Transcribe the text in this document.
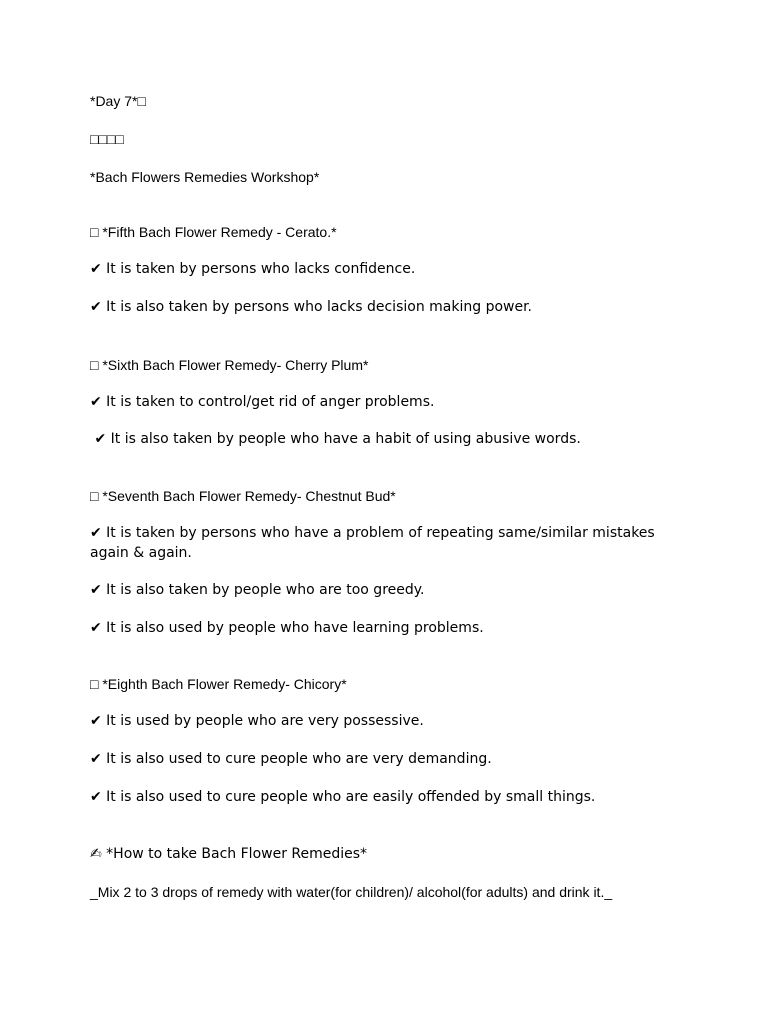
*Day 7*□
□□□□
*Bach Flowers Remedies Workshop*
□ *Fifth Bach Flower Remedy - Cerato.*
✔ It is taken by persons who lacks confidence.
✔ It is also taken by persons who lacks decision making power.
□ *Sixth Bach Flower Remedy- Cherry Plum*
✔ It is taken to control/get rid of anger problems.
✔ It is also taken by people who have a habit of using abusive words.
□ *Seventh Bach Flower Remedy- Chestnut Bud*
✔ It is taken by persons who have a problem of repeating same/similar mistakes again & again.
✔ It is also taken by people who are too greedy.
✔ It is also used by people who have learning problems.
□ *Eighth Bach Flower Remedy- Chicory*
✔ It is used by people who are very possessive.
✔ It is also used to cure people who are very demanding.
✔ It is also used to cure people who are easily offended by small things.
✍ *How to take Bach Flower Remedies*
_Mix 2 to 3 drops of remedy with water(for children)/ alcohol(for adults) and drink it._
